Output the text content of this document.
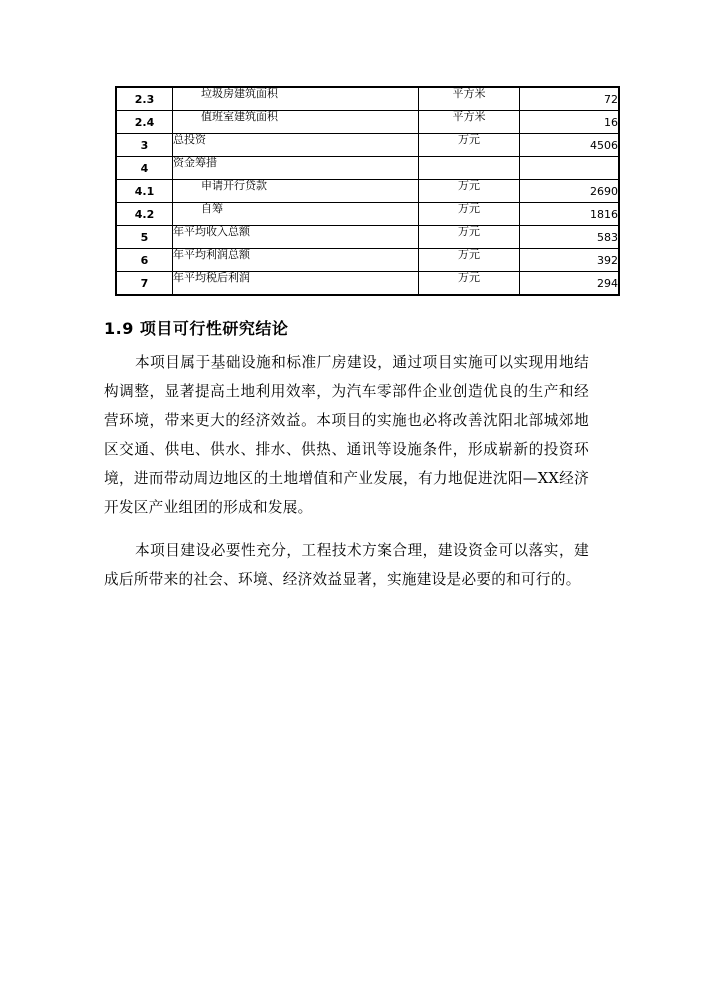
2.3	垃圾房建筑面积	平方米	72
2.4	值班室建筑面积	平方米	16
3	总投资	万元	4506
4	资金筹措		
4.1	申请开行贷款	万元	2690
4.2	自筹	万元	1816
5	年平均收入总额	万元	583
6	年平均利润总额	万元	392
7	年平均税后利润	万元	294
1.9 项目可行性研究结论

本项目属于基础设施和标准厂房建设，通过项目实施可以实现用地结构调整，显著提高土地利用效率，为汽车零部件企业创造优良的生产和经营环境，带来更大的经济效益。本项目的实施也必将改善沈阳北部城郊地区交通、供电、供水、排水、供热、通讯等设施条件，形成崭新的投资环境，进而带动周边地区的土地增值和产业发展，有力地促进沈阳—XX经济开发区产业组团的形成和发展。

本项目建设必要性充分，工程技术方案合理，建设资金可以落实，建成后所带来的社会、环境、经济效益显著，实施建设是必要的和可行的。
